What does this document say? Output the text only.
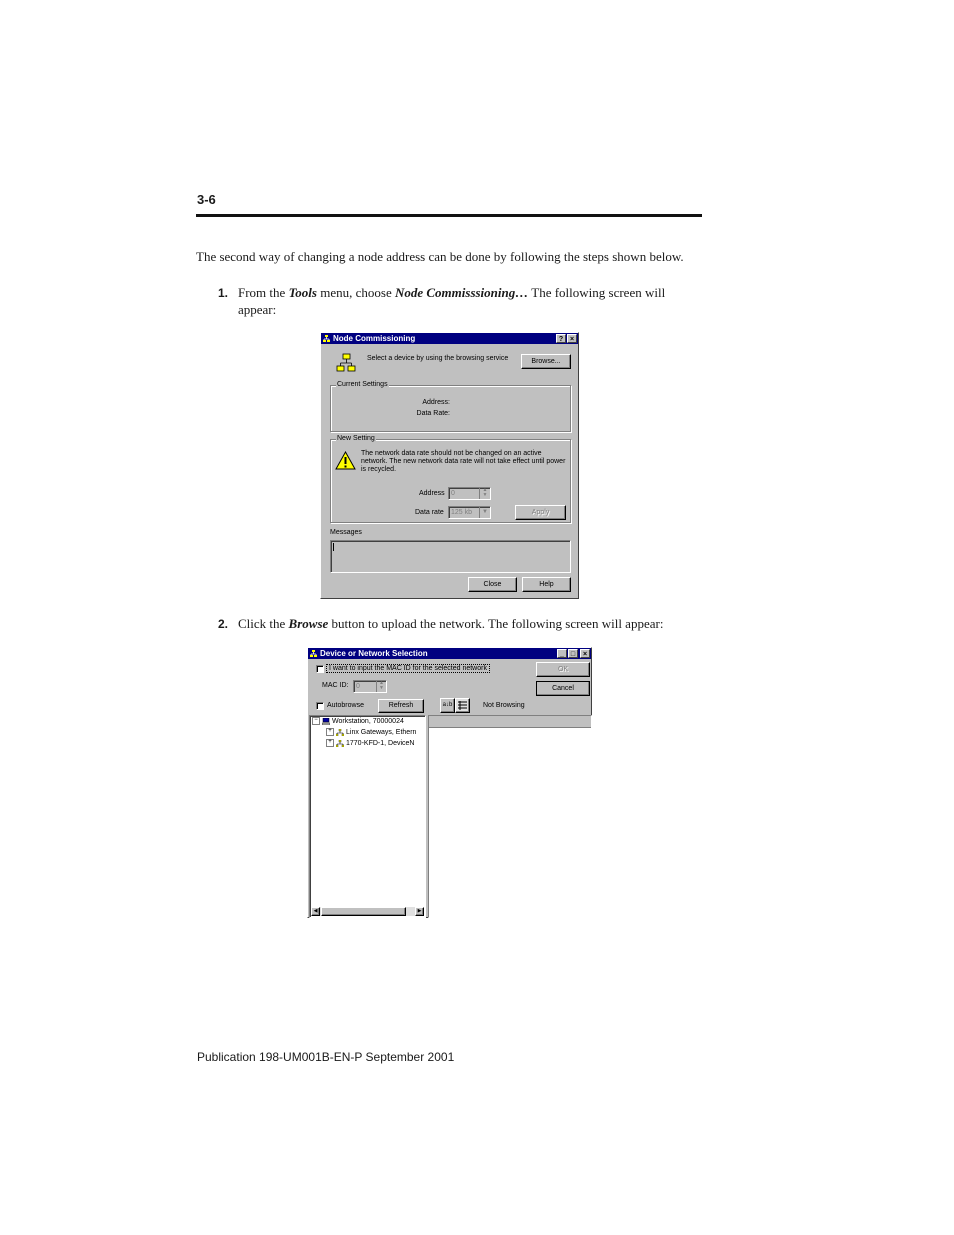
3-6
The second way of changing a node address can be done by following the steps shown below.
1. From the Tools menu, choose Node Commisssioning… The following screen will appear:
Node Commissioning	? ×
Select a device by using the browsing service	Browse...
Current Settings
Address:
Data Rate:
New Setting
The network data rate should not be changed on an active
network. The new network data rate will not take effect until power
is recycled.
Address 0	▲
▼
Data rate 125 kb	▼	Apply
Messages
Close	Help
2. Click the Browse button to upload the network. The following screen will appear:
Device or Network Selection	_ □	×
I want to input the MAC ID for the selected network	OK
Cancel
MAC ID: 0	▲
▼
Autobrowse	Refresh	a↓b	Not Browsing
− Workstation, 70000024
+ Linx Gateways, Ethern
+ 1770-KFD-1, DeviceN
◀	▶
Publication 198-UM001B-EN-P September 2001
